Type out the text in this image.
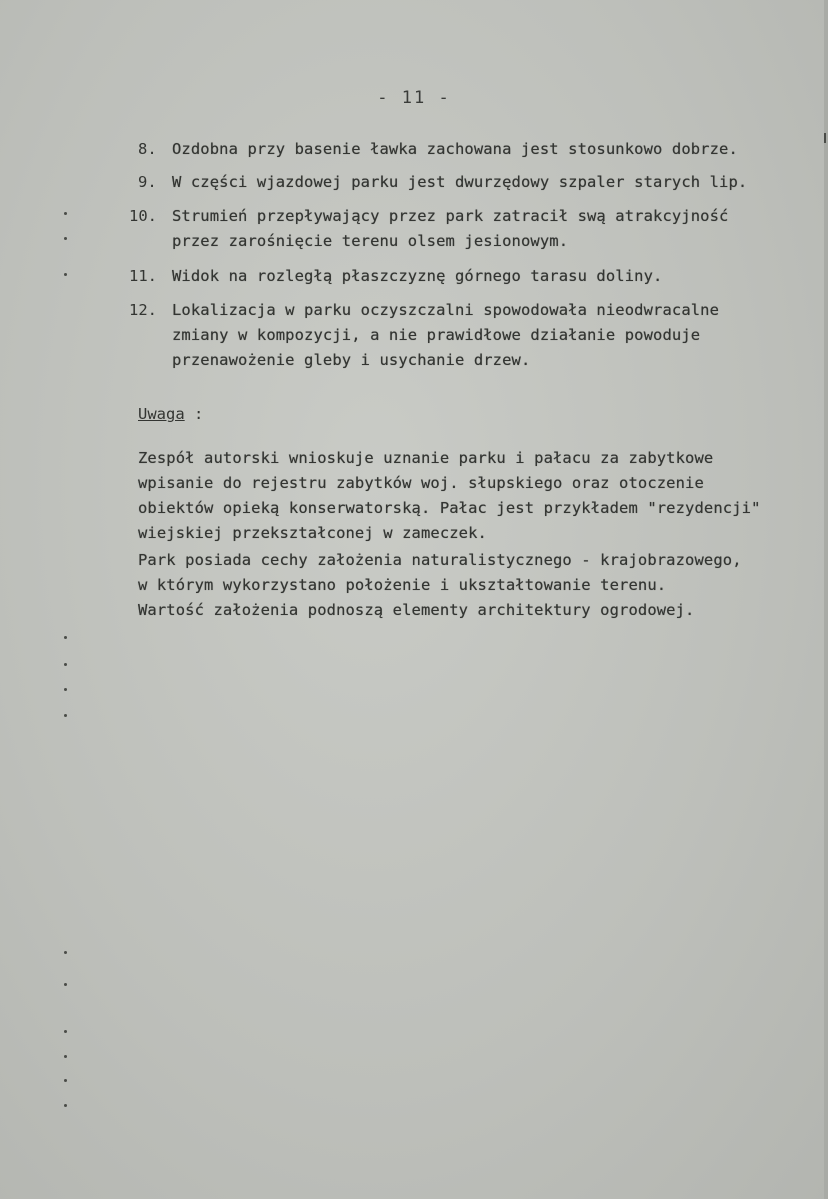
- 11 -
8. Ozdobna przy basenie ławka zachowana jest stosunkowo dobrze.
9. W części wjazdowej parku jest dwurzędowy szpaler starych lip.
10. Strumień przepływający przez park zatracił swą atrakcyjność
przez zarośnięcie terenu olsem jesionowym.
11. Widok na rozległą płaszczyznę górnego tarasu doliny.
12. Lokalizacja w parku oczyszczalni spowodowała nieodwracalne
zmiany w kompozycji, a nie prawidłowe działanie powoduje
przenawożenie gleby i usychanie drzew.
Uwaga :
Zespół autorski wnioskuje uznanie parku i pałacu za zabytkowe
wpisanie do rejestru zabytków woj. słupskiego oraz otoczenie
obiektów opieką konserwatorską. Pałac jest przykładem "rezydencji"
wiejskiej przekształconej w zameczek.
Park posiada cechy założenia naturalistycznego - krajobrazowego,
w którym wykorzystano położenie i ukształtowanie terenu.
Wartość założenia podnoszą elementy architektury ogrodowej.
